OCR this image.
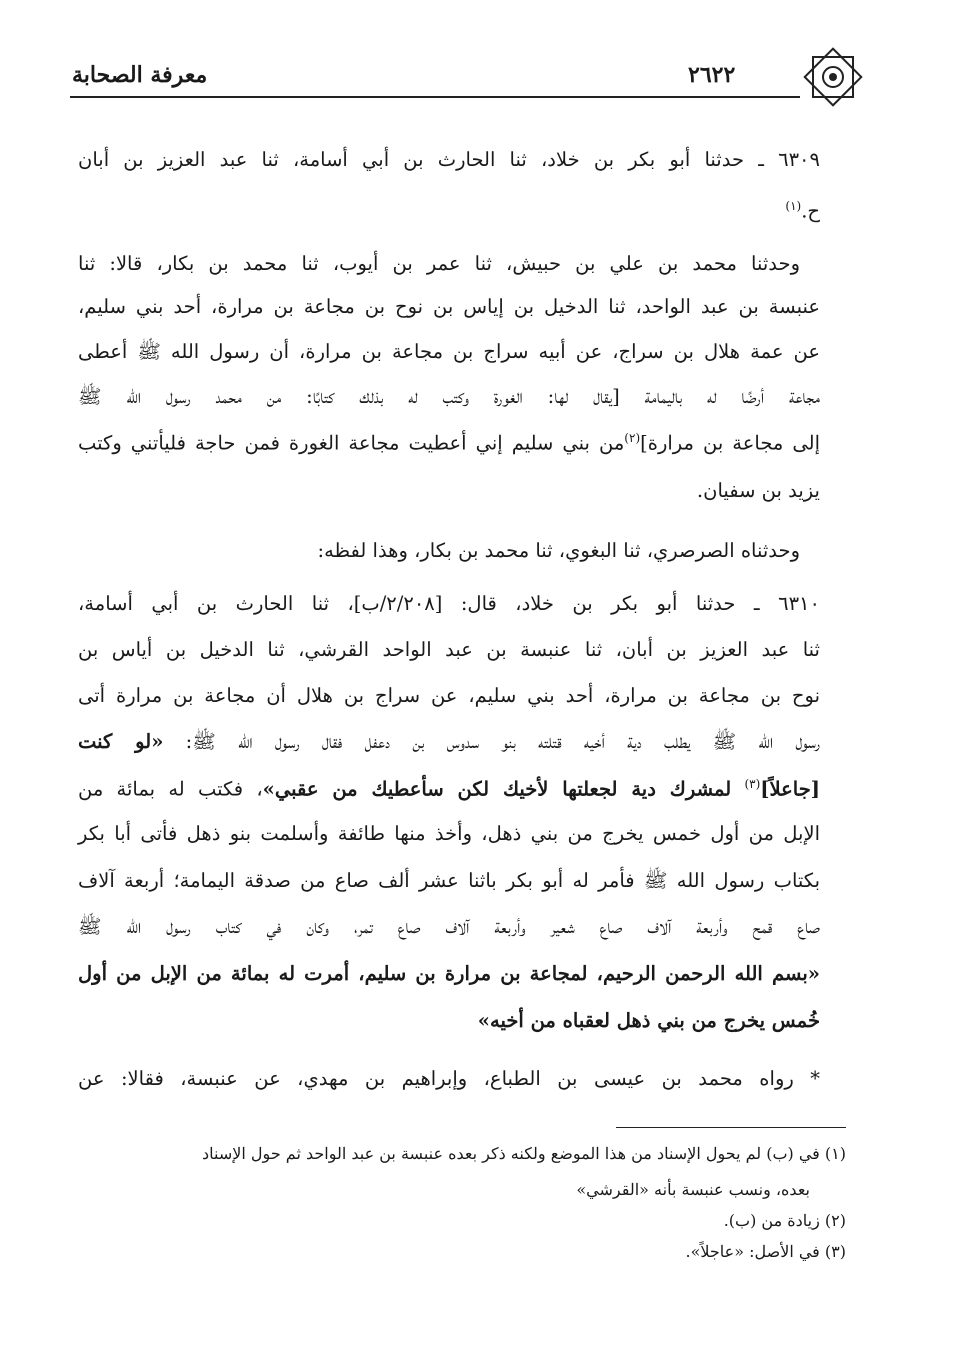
معرفة الصحابة	٢٦٢٢
٦٣٠٩ ـ حدثنا أبو بكر بن خلاد، ثنا الحارث بن أبي أسامة، ثنا عبد العزيز بن أبان
ح.$^{(١)}$
وحدثنا محمد بن علي بن حبيش، ثنا عمر بن أيوب، ثنا محمد بن بكار، قالا: ثنا
عنبسة بن عبد الواحد، ثنا الدخيل بن إياس بن نوح بن مجاعة بن مرارة، أحد بني سليم،
عن عمة هلال بن سراج، عن أبيه سراج بن مجاعة بن مرارة، أن رسول الله ﷺ أعطى
مجاعة أرضًا له باليمامة [يقال لها: الغورة وكتب له بذلك كتابًا: من محمد رسول الله ﷺ
إلى مجاعة بن مرارة]$^{(٢)}$من بني سليم إني أعطيت مجاعة الغورة فمن حاجة فليأتني وكتب
يزيد بن سفيان.
وحدثناه الصرصري، ثنا البغوي، ثنا محمد بن بكار، وهذا لفظه:
٦٣١٠ ـ حدثنا أبو بكر بن خلاد، قال: [٢/٢٠٨/ب]، ثنا الحارث بن أبي أسامة،
ثنا عبد العزيز بن أبان، ثنا عنبسة بن عبد الواحد القرشي، ثنا الدخيل بن أياس بن
نوح بن مجاعة بن مرارة، أحد بني سليم، عن سراج بن هلال أن مجاعة بن مرارة أتى
رسول الله ﷺ يطلب دية أخيه قتلته بنو سدوس بن دعفل فقال رسول الله ﷺ: «لو كنت
[جاعلاً]$^{(٣)}$ لمشرك دية لجعلتها لأخيك لكن سأعطيك من عقبي»، فكتب له بمائة من
الإبل من أول خمس يخرج من بني ذهل، وأخذ منها طائفة وأسلمت بنو ذهل فأتى أبا بكر
بكتاب رسول الله ﷺ فأمر له أبو بكر باثنا عشر ألف صاع من صدقة اليمامة؛ أربعة آلاف
صاع قمح وأربعة آلاف صاع شعير وأربعة آلاف صاع تمر، وكان في كتاب رسول الله ﷺ
«بسم الله الرحمن الرحيم، لمجاعة بن مرارة بن سليم، أمرت له بمائة من الإبل من أول
خُمس يخرج من بني ذهل لعقباه من أخيه»
* رواه محمد بن عيسى بن الطباع، وإبراهيم بن مهدي، عن عنبسة، فقالا: عن
(١) في (ب) لم يحول الإسناد من هذا الموضع ولكنه ذكر بعده عنبسة بن عبد الواحد ثم حول الإسناد
بعده، ونسب عنبسة بأنه «القرشي»
(٢) زيادة من (ب).
(٣) في الأصل: «عاجلاً».
